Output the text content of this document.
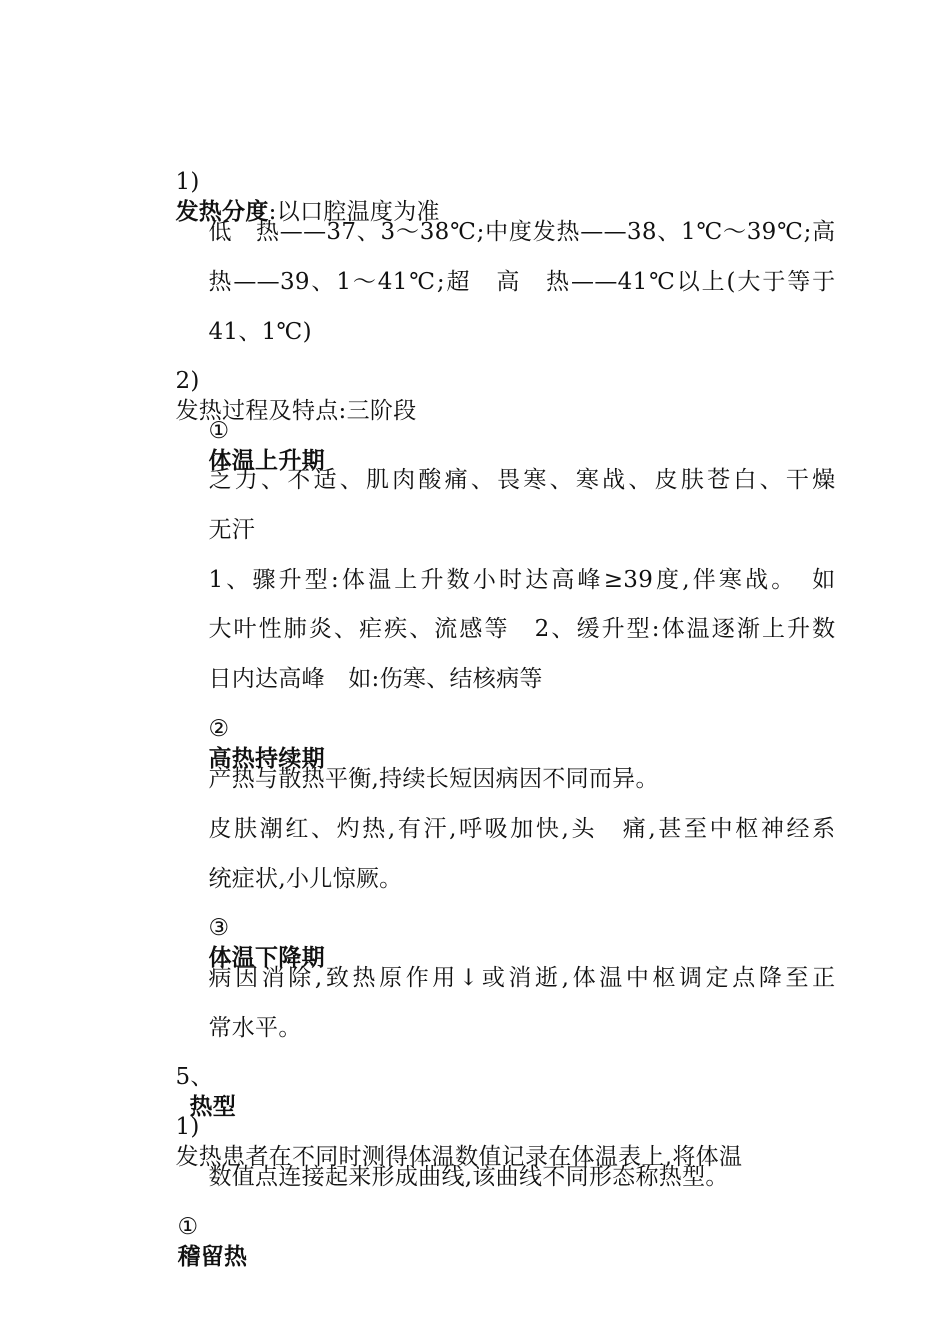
1)
发热分度:以口腔温度为准

低　热——37、3～38℃;中度发热——38、1℃～39℃;高

热——39、1～41℃;超　高　热——41℃以上(大于等于

41、1℃)

2)
发热过程及特点:三阶段

①
体温上升期

乏力、不适、肌肉酸痛、畏寒、寒战、皮肤苍白、干燥

无汗

1、骤升型:体温上升数小时达高峰≥39度,伴寒战。　如

大叶性肺炎、疟疾、流感等　2、缓升型:体温逐渐上升数

日内达高峰　如:伤寒、结核病等

②
高热持续期

产热与散热平衡,持续长短因病因不同而异。

皮肤潮红、灼热,有汗,呼吸加快,头　痛,甚至中枢神经系

统症状,小儿惊厥。

③
体温下降期

病因消除,致热原作用↓或消逝,体温中枢调定点降至正

常水平。

5、
热型

1)
发热患者在不同时测得体温数值记录在体温表上,将体温

数值点连接起来形成曲线,该曲线不同形态称热型。

①
稽留热
